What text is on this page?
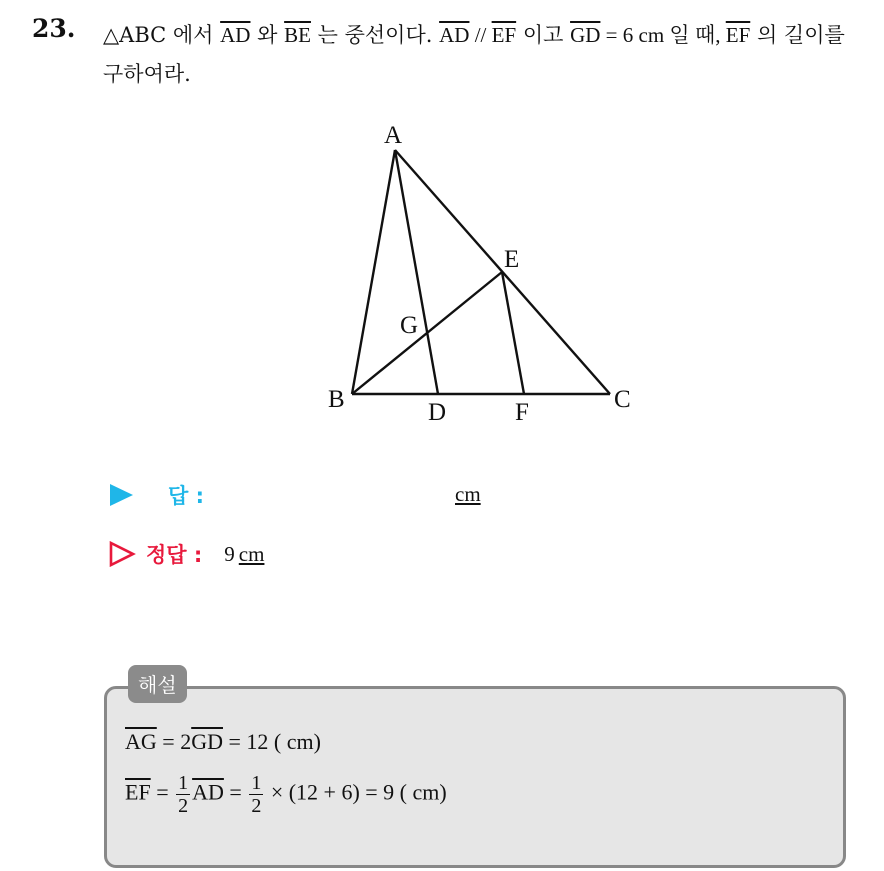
23. △ABC 에서 $\overline{AD}$ 와 $\overline{BE}$ 는 중선이다. $\overline{AD} // \overline{EF}$ 이고 $\overline{GD} = 6$ cm 일 때, $\overline{EF}$ 의 길이를 구하여라.
A
B	C
D
E
F
G
답 :	cm
정답 : 9 cm
해설
$\overline{AG} = 2\overline{GD} = 12$ ( cm)
$\overline{EF} = \frac{1}{2} \overline{AD} = \frac{1}{2} \times (12 + 6) = 9$ ( cm)
